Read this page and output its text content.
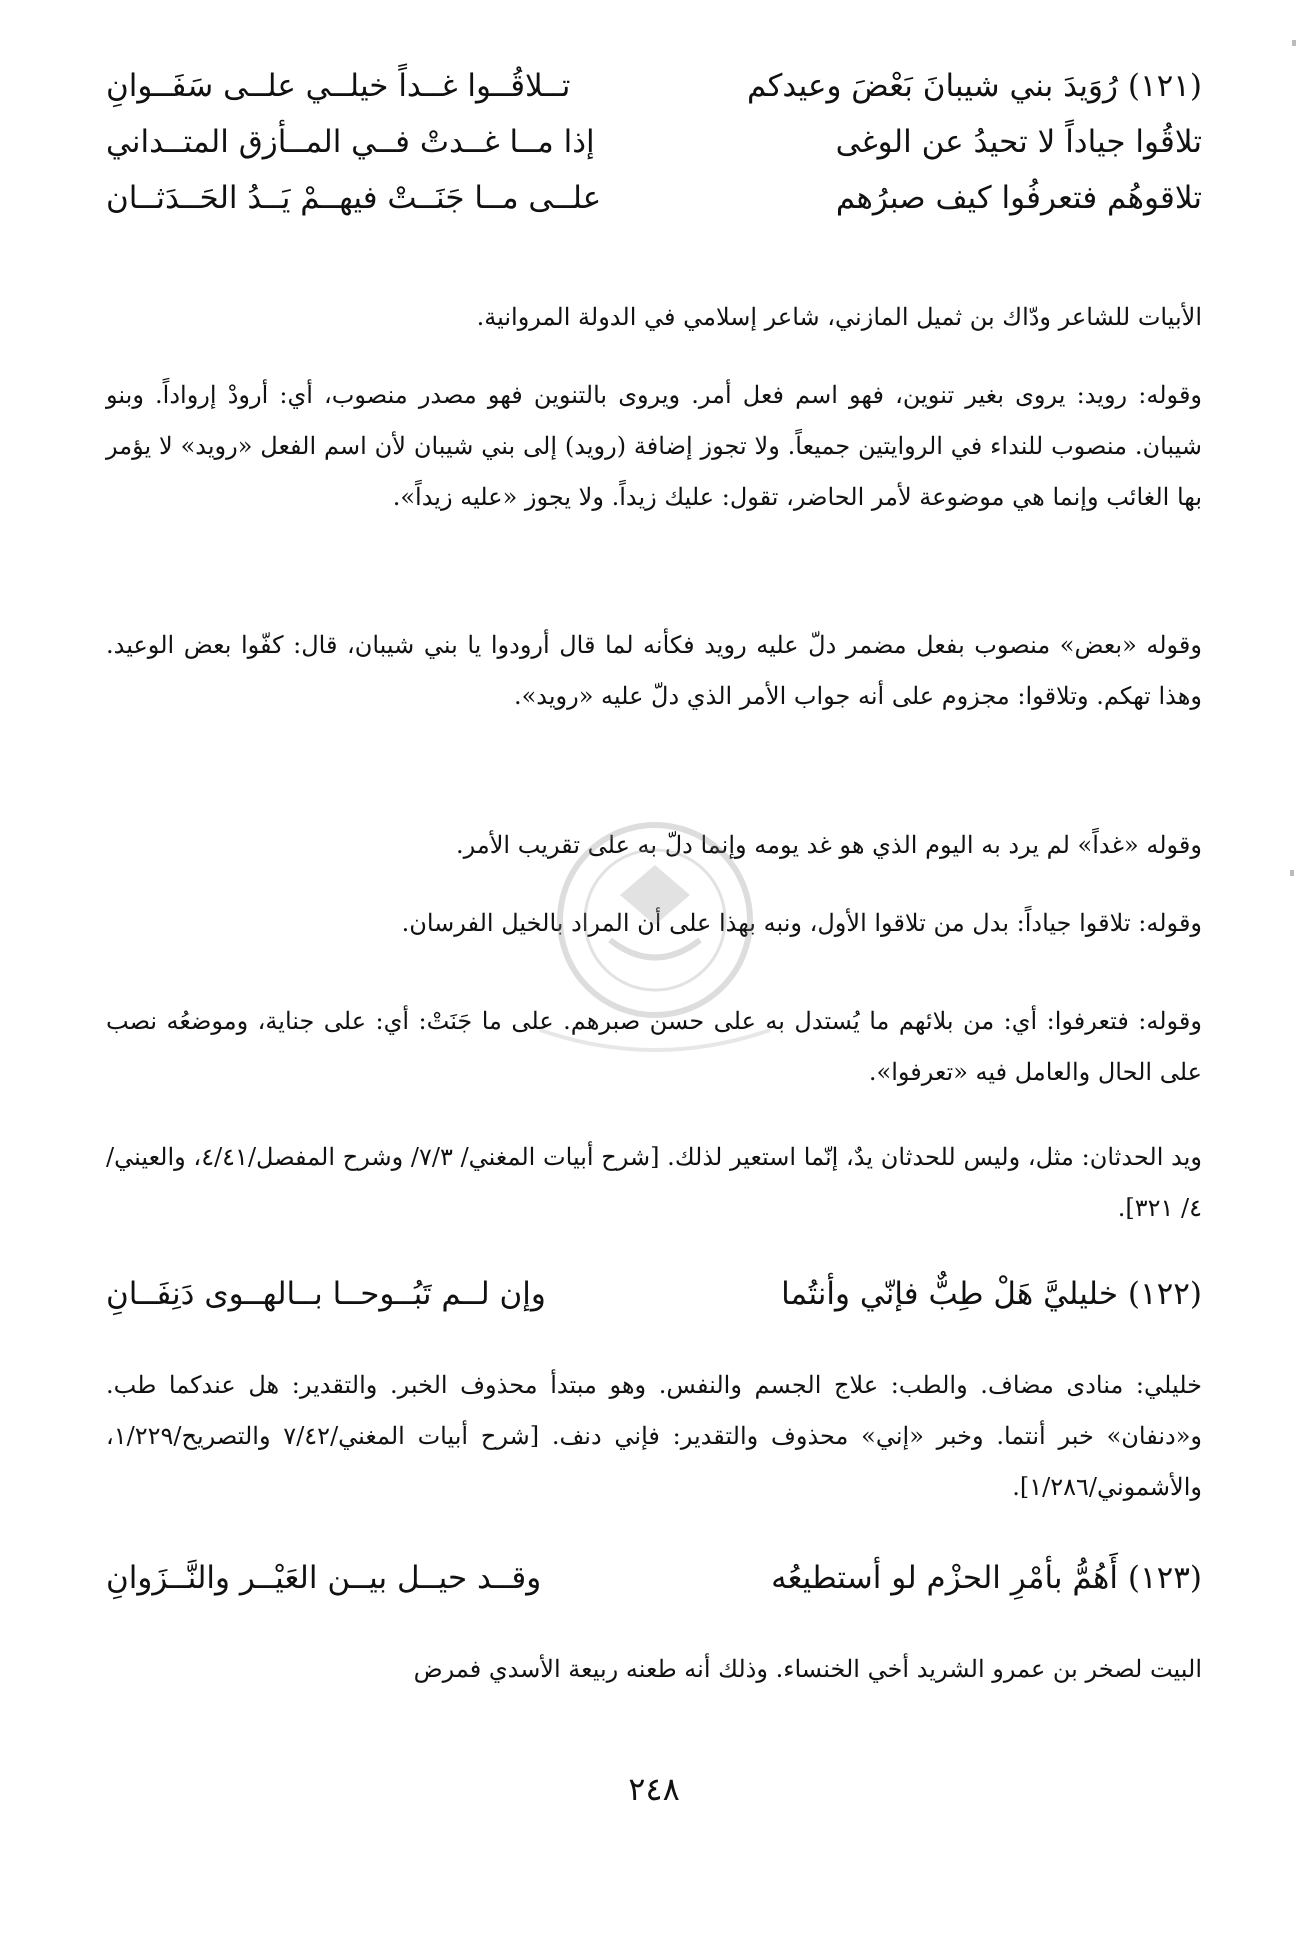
(١٢١) رُوَيدَ بني شيبانَ بَعْضَ وعيدكم
تــلاقُــوا غــداً خيلــي علــى سَفَــوانِ
تلاقُوا جياداً لا تحيدُ عن الوغى
إذا مــا غــدتْ فــي المــأزق المتــداني
تلاقوهُم فتعرفُوا كيف صبرُهم
علــى مــا جَنَــتْ فيهــمْ يَــدُ الحَــدَثــان
الأبيات للشاعر ودّاك بن ثميل المازني، شاعر إسلامي في الدولة المروانية.
وقوله: رويد: يروى بغير تنوين، فهو اسم فعل أمر. ويروى بالتنوين فهو مصدر منصوب، أي: أرودْ إرواداً. وبنو شيبان. منصوب للنداء في الروايتين جميعاً. ولا تجوز إضافة (رويد) إلى بني شيبان لأن اسم الفعل «رويد» لا يؤمر بها الغائب وإنما هي موضوعة لأمر الحاضر، تقول: عليك زيداً. ولا يجوز «عليه زيداً».
وقوله «بعض» منصوب بفعل مضمر دلّ عليه رويد فكأنه لما قال أرودوا يا بني شيبان، قال: كفّوا بعض الوعيد. وهذا تهكم. وتلاقوا: مجزوم على أنه جواب الأمر الذي دلّ عليه «رويد».
وقوله «غداً» لم يرد به اليوم الذي هو غد يومه وإنما دلّ به على تقريب الأمر.
وقوله: تلاقوا جياداً: بدل من تلاقوا الأول، ونبه بهذا على أن المراد بالخيل الفرسان.
وقوله: فتعرفوا: أي: من بلائهم ما يُستدل به على حسن صبرهم. على ما جَنَتْ: أي: على جناية، وموضعُه نصب على الحال والعامل فيه «تعرفوا».
ويد الحدثان: مثل، وليس للحدثان يدٌ، إنّما استعير لذلك. [شرح أبيات المغني/ ٧/٣/ وشرح المفصل/٤/٤١، والعيني/٤/ ٣٢١].
(١٢٢) خليليَّ هَلْ طِبٌّ فإنّي وأنتُما
وإن لــم تَبُــوحــا بــالهــوى دَنِفَــانِ
خليلي: منادى مضاف. والطب: علاج الجسم والنفس. وهو مبتدأ محذوف الخبر. والتقدير: هل عندكما طب. و«دنفان» خبر أنتما. وخبر «إني» محذوف والتقدير: فإني دنف. [شرح أبيات المغني/٧/٤٢ والتصريح/١/٢٢٩، والأشموني/١/٢٨٦].
(١٢٣) أَهُمُّ بأمْرِ الحزْم لو أستطيعُه
وقــد حيــل بيــن العَيْــر والنَّــزَوانِ
البيت لصخر بن عمرو الشريد أخي الخنساء. وذلك أنه طعنه ربيعة الأسدي فمرض
٢٤٨
